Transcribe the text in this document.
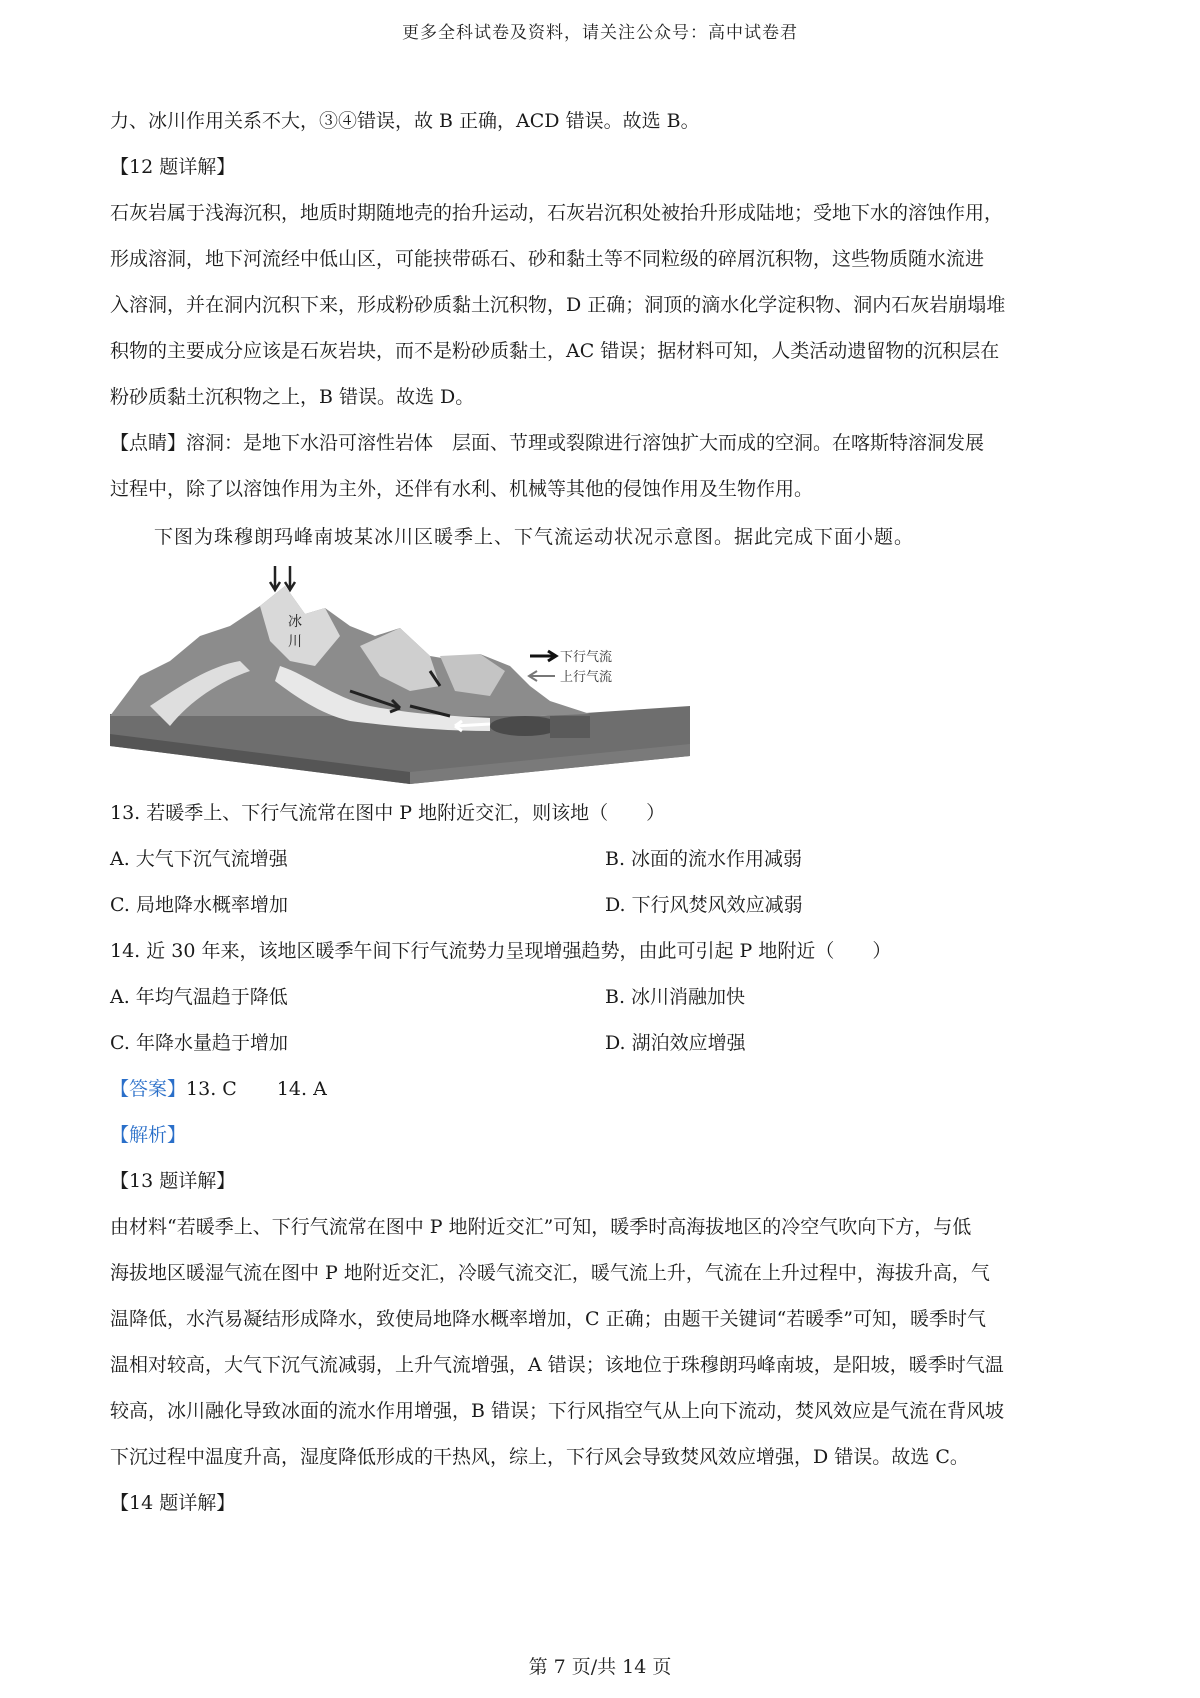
更多全科试卷及资料，请关注公众号：高中试卷君

力、冰川作用关系不大，③④错误，故 B 正确，ACD 错误。故选 B。

【12 题详解】

石灰岩属于浅海沉积，地质时期随地壳的抬升运动，石灰岩沉积处被抬升形成陆地；受地下水的溶蚀作用，

形成溶洞，地下河流经中低山区，可能挟带砾石、砂和黏土等不同粒级的碎屑沉积物，这些物质随水流进

入溶洞，并在洞内沉积下来，形成粉砂质黏土沉积物，D 正确；洞顶的滴水化学淀积物、洞内石灰岩崩塌堆

积物的主要成分应该是石灰岩块，而不是粉砂质黏土，AC 错误；据材料可知，人类活动遗留物的沉积层在

粉砂质黏土沉积物之上，B 错误。故选 D。

【点睛】溶洞：是地下水沿可溶性岩体　层面、节理或裂隙进行溶蚀扩大而成的空洞。在喀斯特溶洞发展

过程中，除了以溶蚀作用为主外，还伴有水利、机械等其他的侵蚀作用及生物作用。

下图为珠穆朗玛峰南坡某冰川区暖季上、下气流运动状况示意图。据此完成下面小题。

冰
川
下行气流
上行气流

13. 若暖季上、下行气流常在图中 P 地附近交汇，则该地（　　）

A. 大气下沉气流增强	B. 冰面的流水作用减弱
C. 局地降水概率增加	D. 下行风焚风效应减弱

14. 近 30 年来，该地区暖季午间下行气流势力呈现增强趋势，由此可引起 P 地附近（　　）

A. 年均气温趋于降低	B. 冰川消融加快
C. 年降水量趋于增加	D. 湖泊效应增强

【答案】13. C 14. A

【解析】

【13 题详解】

由材料“若暖季上、下行气流常在图中 P 地附近交汇”可知，暖季时高海拔地区的冷空气吹向下方，与低

海拔地区暖湿气流在图中 P 地附近交汇，冷暖气流交汇，暖气流上升，气流在上升过程中，海拔升高，气

温降低，水汽易凝结形成降水，致使局地降水概率增加，C 正确；由题干关键词“若暖季”可知，暖季时气

温相对较高，大气下沉气流减弱，上升气流增强，A 错误；该地位于珠穆朗玛峰南坡，是阳坡，暖季时气温

较高，冰川融化导致冰面的流水作用增强，B 错误；下行风指空气从上向下流动，焚风效应是气流在背风坡

下沉过程中温度升高，湿度降低形成的干热风，综上，下行风会导致焚风效应增强，D 错误。故选 C。

【14 题详解】

第 7 页/共 14 页
